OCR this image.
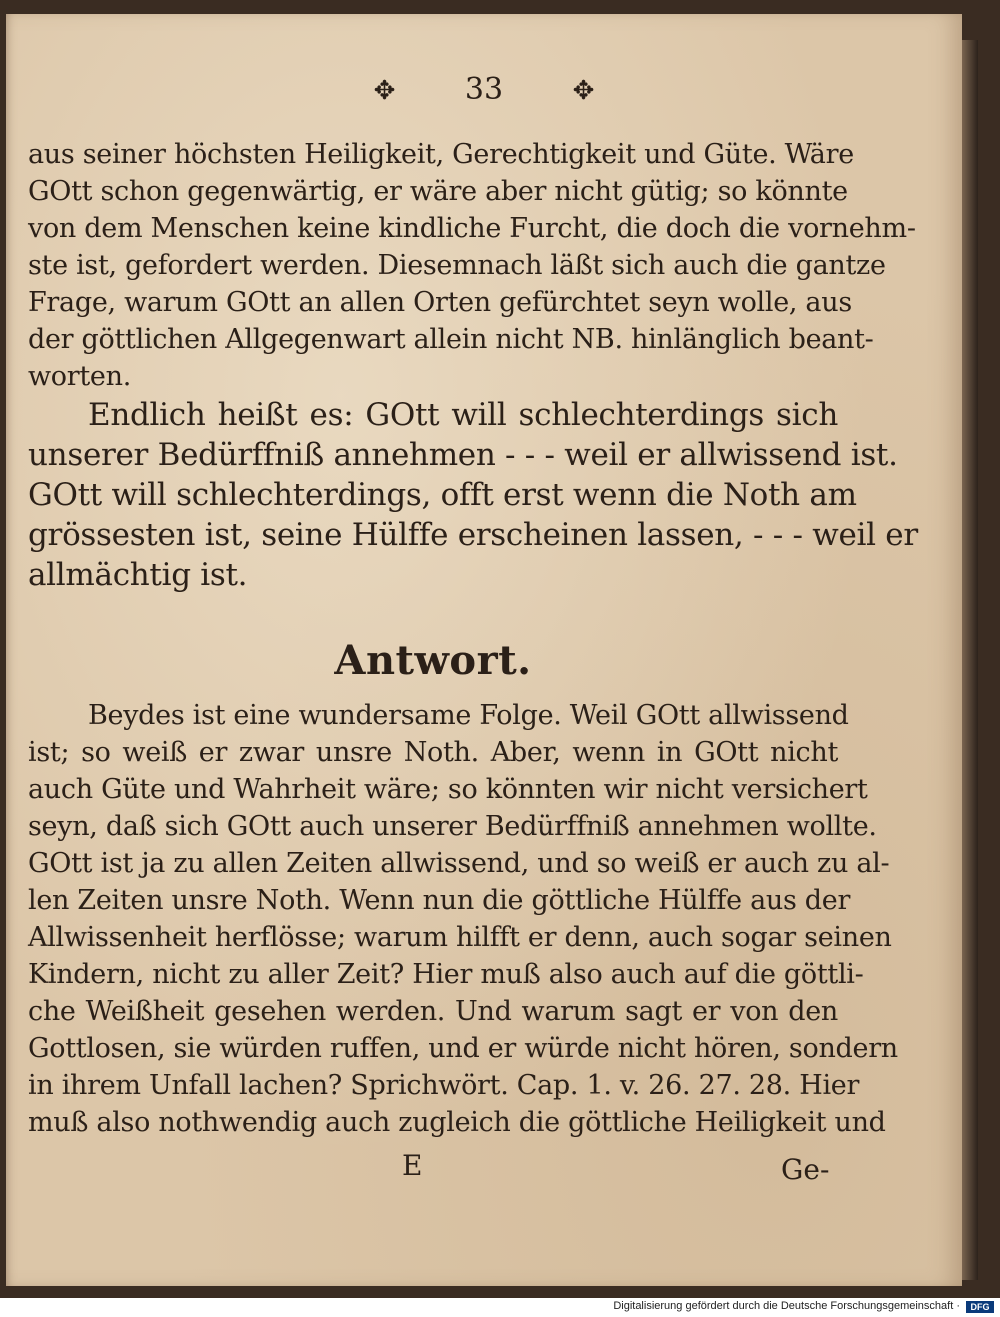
✥ 33	✥
aus seiner höchsten Heiligkeit, Gerechtigkeit und Güte. Wäre
GOtt schon gegenwärtig, er wäre aber nicht gütig; so könnte
von dem Menschen keine kindliche Furcht, die doch die vornehm-
ste ist, gefordert werden. Diesemnach läßt sich auch die gantze
Frage, warum GOtt an allen Orten gefürchtet seyn wolle, aus
der göttlichen Allgegenwart allein nicht NB. hinlänglich beant-
worten.
Endlich heißt es: GOtt will schlechterdings sich
unserer Bedürffniß annehmen - - - weil er allwissend ist.
GOtt will schlechterdings, offt erst wenn die Noth am
grössesten ist, seine Hülffe erscheinen lassen, - - - weil er
allmächtig ist.
Antwort.
Beydes ist eine wundersame Folge. Weil GOtt allwissend
ist; so weiß er zwar unsre Noth. Aber, wenn in GOtt nicht
auch Güte und Wahrheit wäre; so könnten wir nicht versichert
seyn, daß sich GOtt auch unserer Bedürffniß annehmen wollte.
GOtt ist ja zu allen Zeiten allwissend, und so weiß er auch zu al-
len Zeiten unsre Noth. Wenn nun die göttliche Hülffe aus der
Allwissenheit herflösse; warum hilfft er denn, auch sogar seinen
Kindern, nicht zu aller Zeit? Hier muß also auch auf die göttli-
che Weißheit gesehen werden. Und warum sagt er von den
Gottlosen, sie würden ruffen, und er würde nicht hören, sondern
in ihrem Unfall lachen? Sprichwört. Cap. 1. v. 26. 27. 28. Hier
muß also nothwendig auch zugleich die göttliche Heiligkeit und
E	Ge-
Digitalisierung gefördert durch die Deutsche Forschungsgemeinschaft ·	DFG
